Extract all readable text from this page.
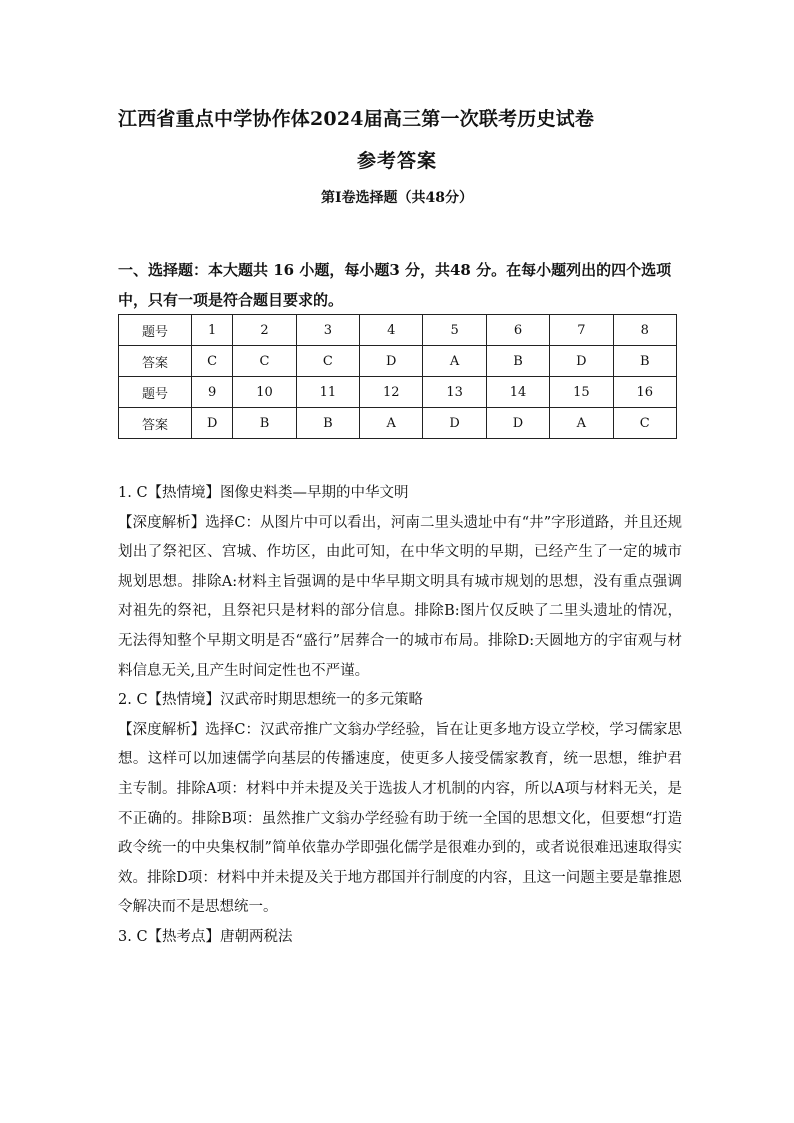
江西省重点中学协作体2024届高三第一次联考历史试卷
参考答案
第Ⅰ卷选择题（共48分）
一、选择题：本大题共 16 小题，每小题3 分，共48 分。在每小题列出的四个选项中，只有一项是符合题目要求的。
题号	1	2	3	4	5	6	7	8
答案	C	C	C	D	A	B	D	B
题号	9	10	11	12	13	14	15	16
答案	D	B	B	A	D	D	A	C

1. C【热情境】图像史料类—早期的中华文明

【深度解析】选择C：从图片中可以看出，河南二里头遗址中有“井”字形道路，并且还规划出了祭祀区、宫城、作坊区，由此可知，在中华文明的早期，已经产生了一定的城市规划思想。排除A:材料主旨强调的是中华早期文明具有城市规划的思想，没有重点强调对祖先的祭祀，且祭祀只是材料的部分信息。排除B:图片仅反映了二里头遗址的情况，无法得知整个早期文明是否“盛行”居葬合一的城市布局。排除D:天圆地方的宇宙观与材料信息无关,且产生时间定性也不严谨。

2. C【热情境】汉武帝时期思想统一的多元策略

【深度解析】选择C：汉武帝推广文翁办学经验，旨在让更多地方设立学校，学习儒家思想。这样可以加速儒学向基层的传播速度，使更多人接受儒家教育，统一思想，维护君主专制。排除A项：材料中并未提及关于选拔人才机制的内容，所以A项与材料无关，是不正确的。排除B项：虽然推广文翁办学经验有助于统一全国的思想文化，但要想“打造政令统一的中央集权制”简单依靠办学即强化儒学是很难办到的，或者说很难迅速取得实效。排除D项：材料中并未提及关于地方郡国并行制度的内容，且这一问题主要是靠推恩令解决而不是思想统一。

3. C【热考点】唐朝两税法
